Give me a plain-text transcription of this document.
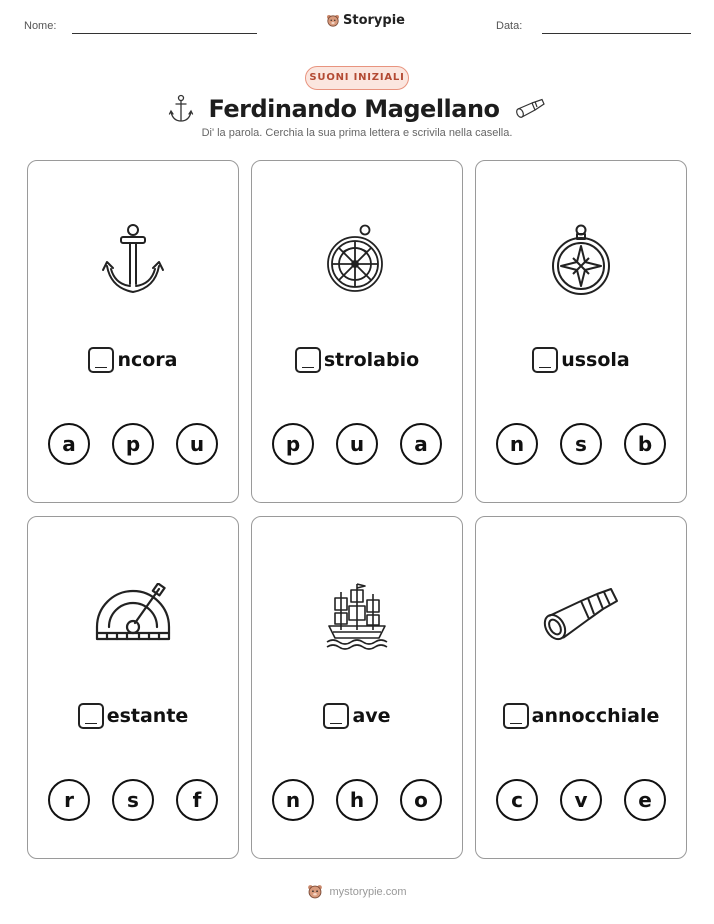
Nome:	Storypie	Data:
SUONI INIZIALI
Ferdinando Magellano
Di' la parola. Cerchia la sua prima lettera e scrivila nella casella.
ncora
a	p	u
strolabio
p	u	a
ussola
n	s	b
estante
r	s	f
ave
n	h	o
annocchiale
c	v	e
mystorypie.com
